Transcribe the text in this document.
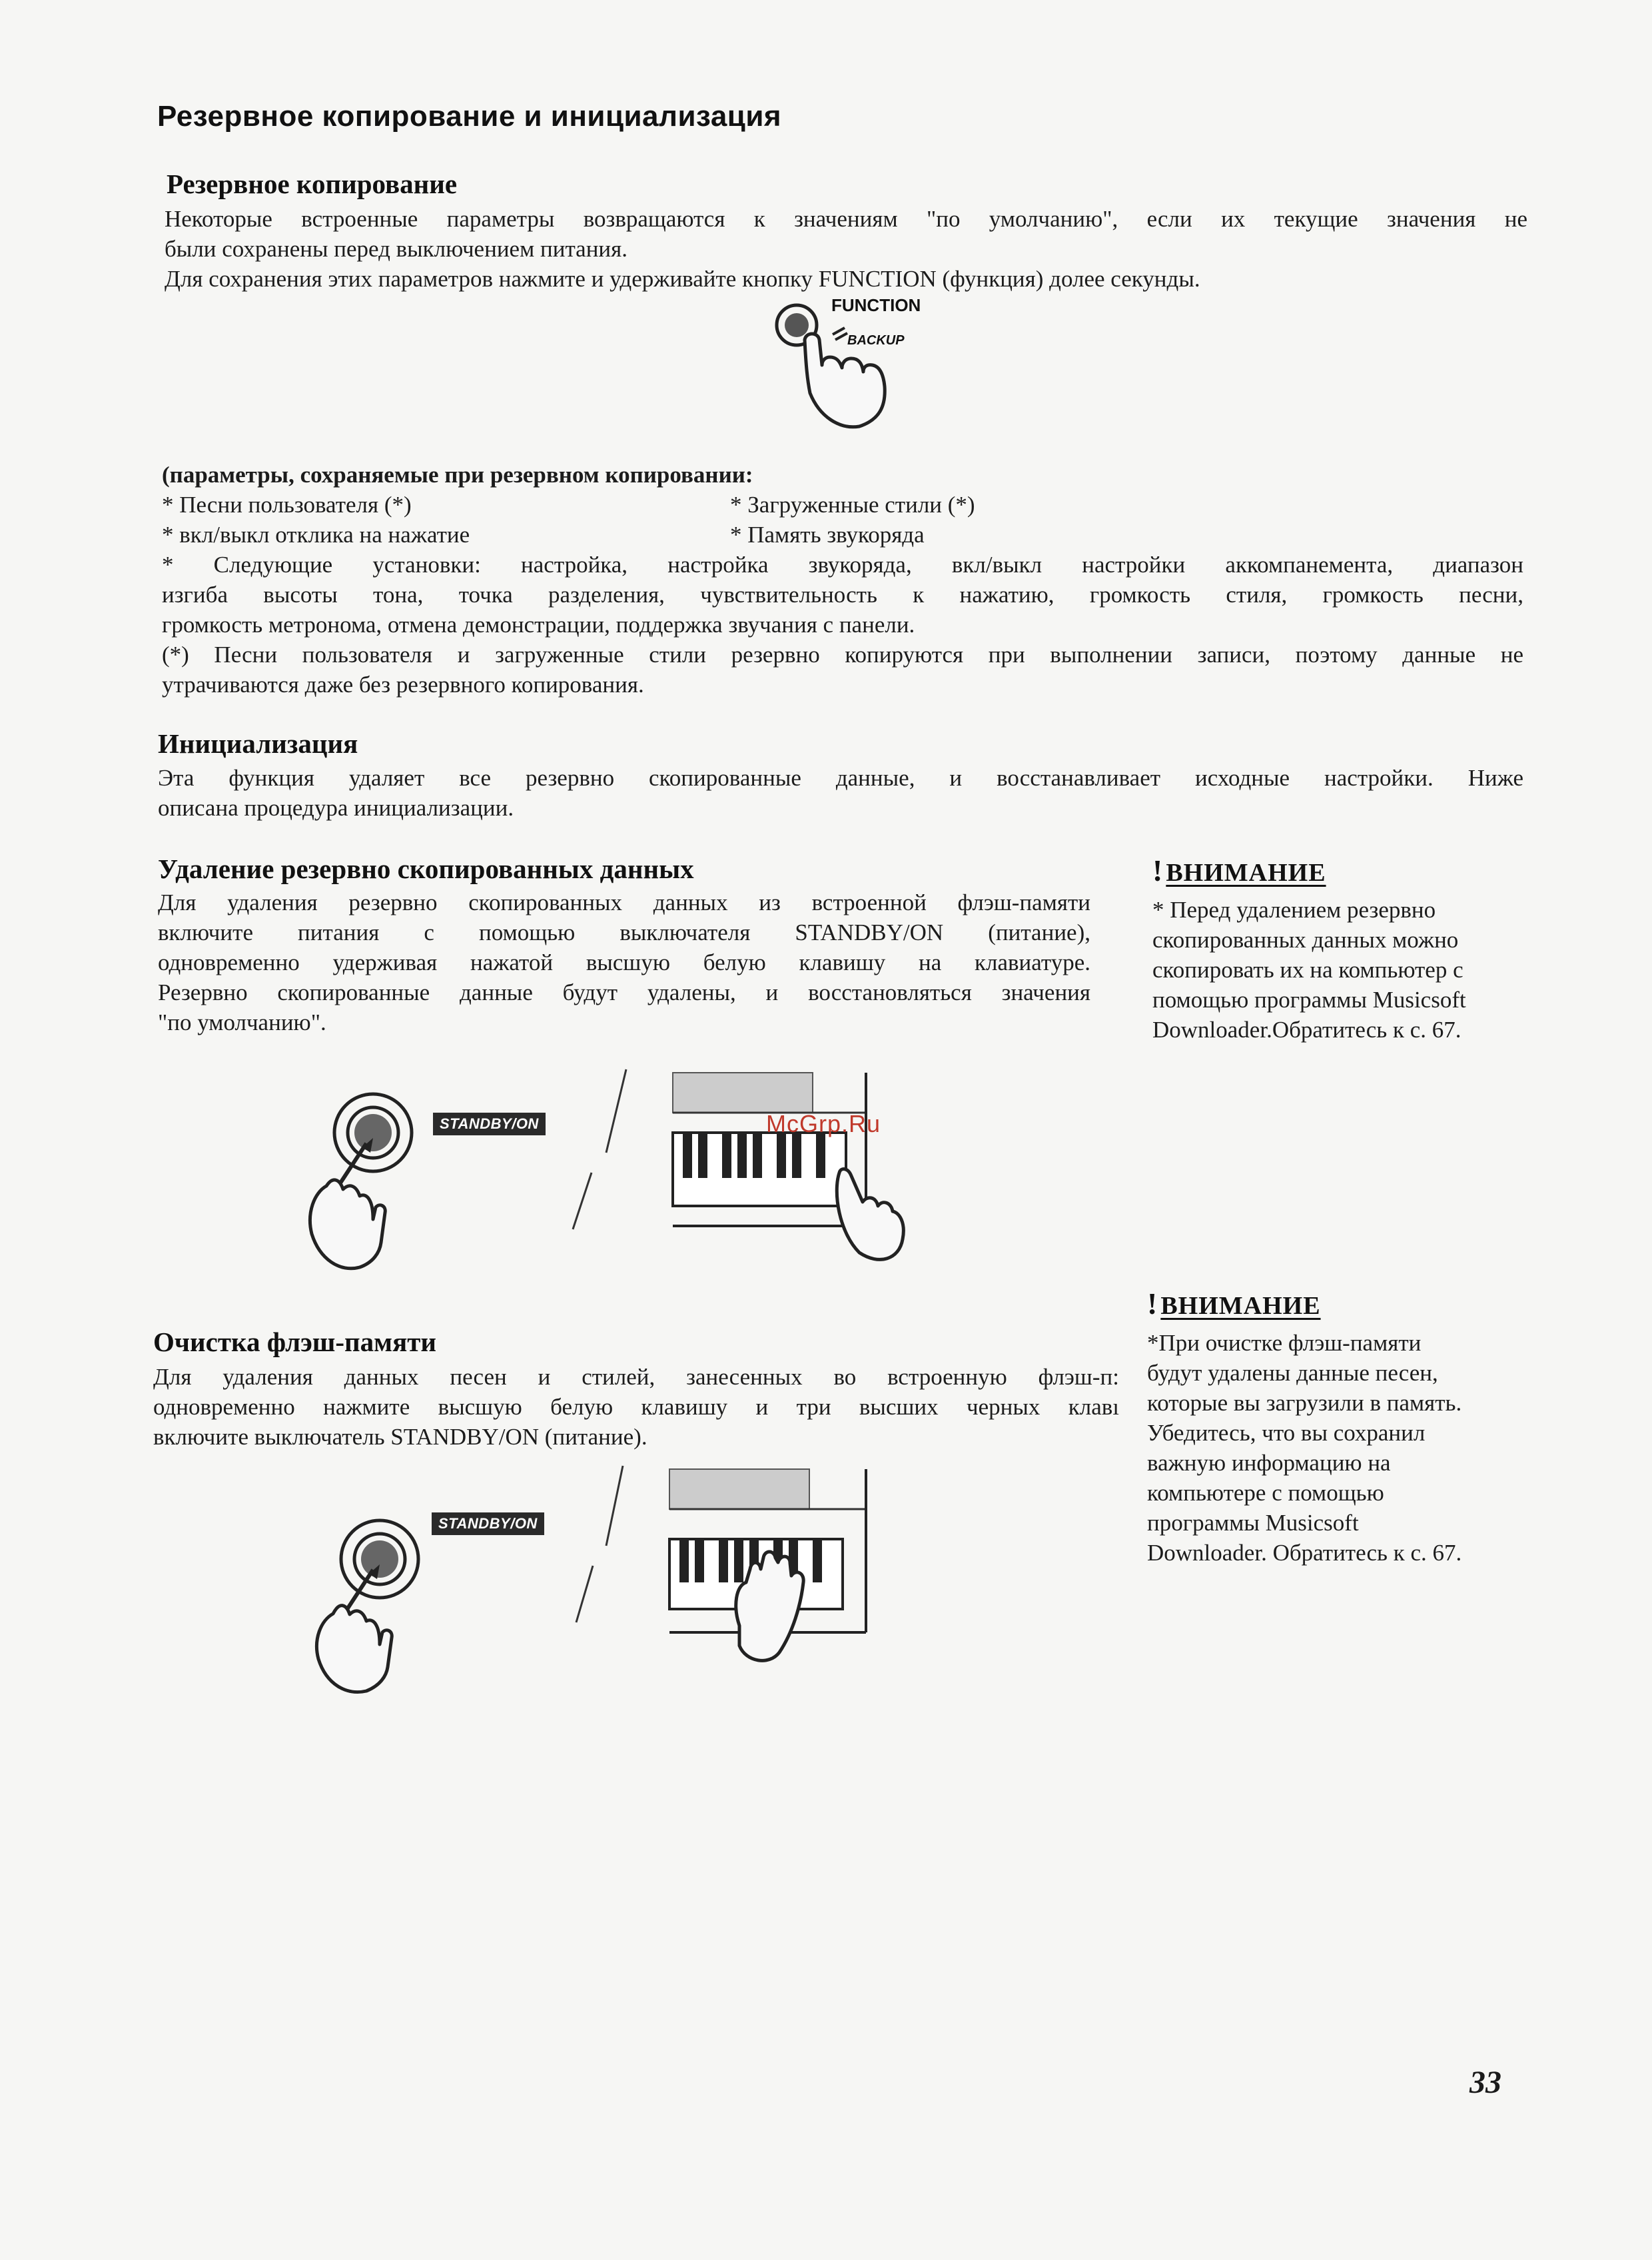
Резервное копирование и инициализация
Резервное копирование
Некоторые встроенные параметры возвращаются к значениям "по умолчанию", если их текущие значения не
были сохранены перед выключением питания.
Для сохранения этих параметров нажмите и удерживайте кнопку FUNCTION (функция) долее секунды.
FUNCTION
BACKUP
(параметры, сохраняемые при резервном копировании:
* Песни пользователя (*)
* вкл/выкл отклика на нажатие
* Загруженные стили (*)
* Память звукоряда
* Следующие установки: настройка, настройка звукоряда, вкл/выкл настройки аккомпанемента, диапазон
изгиба высоты тона, точка разделения, чувствительность к нажатию, громкость стиля, громкость песни,
громкость метронома, отмена демонстрации, поддержка звучания с панели.
(*) Песни пользователя и загруженные стили резервно копируются при выполнении записи, поэтому данные не
утрачиваются даже без резервного копирования.
Инициализация
Эта функция удаляет все резервно скопированные данные, и восстанавливает исходные настройки. Ниже
описана процедура инициализации.
Удаление резервно скопированных данных
Для удаления резервно скопированных данных из встроенной флэш-памяти
включите питания с помощью выключателя STANDBY/ON (питание),
одновременно удерживая нажатой высшую белую клавишу на клавиатуре.
Резервно скопированные данные будут удалены, и восстановляться значения
"по умолчанию".
! ВНИМАНИЕ
* Перед удалением резервно
скопированных данных можно
скопировать их на компьютер с
помощью программы Musicsoft
Downloader.Обратитесь к с. 67.
STANDBY/ON	McGrp.Ru
Очистка флэш-памяти
Для удаления данных песен и стилей, занесенных во встроенную флэш-п:
одновременно нажмите высшую белую клавишу и три высших черных клавı
включите выключатель STANDBY/ON (питание).
! ВНИМАНИЕ
*При очистке флэш-памяти
будут удалены данные песен,
которые вы загрузили в память.
Убедитесь, что вы сохранил
важную информацию на
компьютере с помощью
программы Musicsoft
Downloader. Обратитесь к с. 67.
STANDBY/ON
33
